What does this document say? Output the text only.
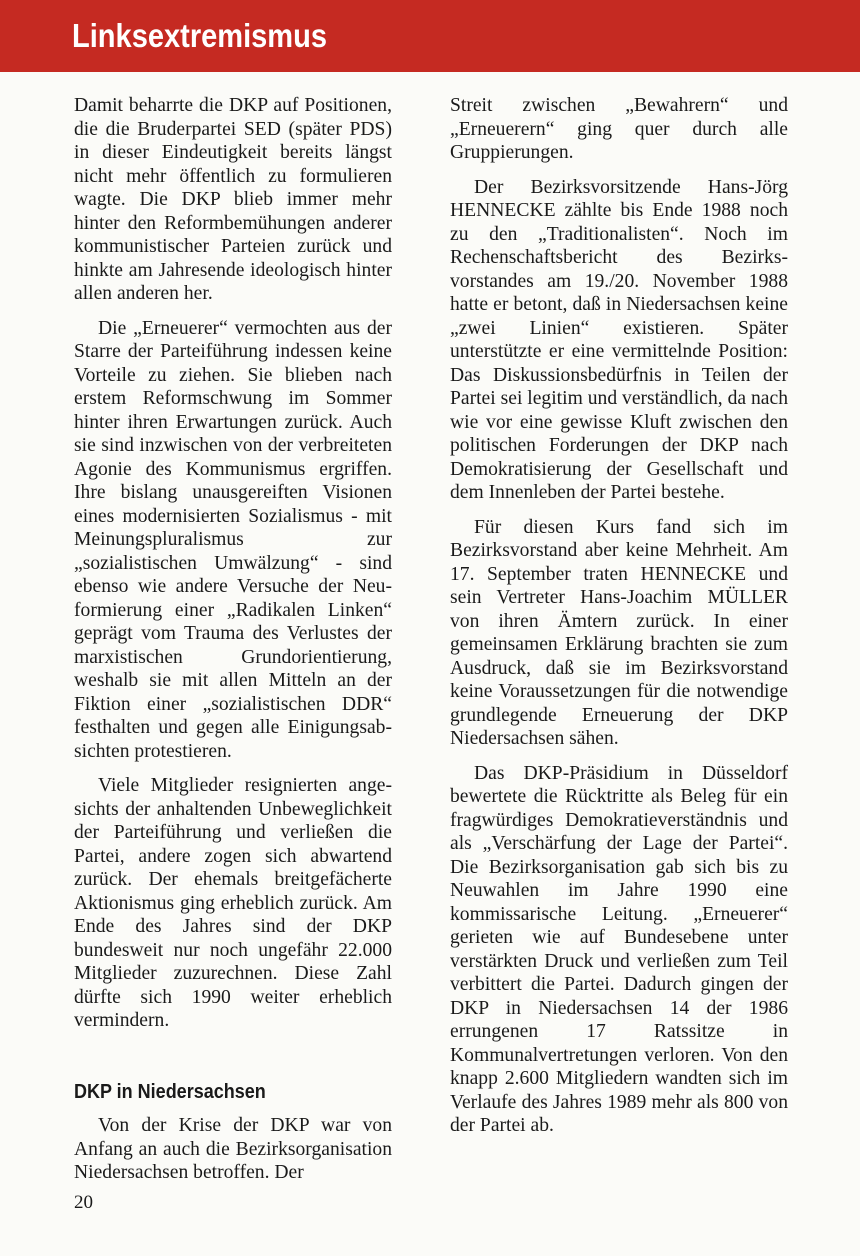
Linksextremismus

Damit beharrte die DKP auf Positionen, die die Bruderpartei SED (später PDS) in dieser Eindeutigkeit bereits längst nicht mehr öffentlich zu formulieren wagte. Die DKP blieb immer mehr hinter den Reformbemühungen anderer kommunistischer Parteien zurück und hinkte am Jahresende ideologisch hinter allen anderen her.

Die „Erneuerer“ vermochten aus der Starre der Parteiführung indessen keine Vorteile zu ziehen. Sie blieben nach erstem Reformschwung im Sommer hinter ihren Erwartungen zurück. Auch sie sind inzwischen von der verbreiteten Agonie des Kommunismus ergriffen. Ihre bislang unausgereiften Visionen eines modernisierten Sozialismus - mit Meinungspluralismus zur „sozialistischen Umwälzung“ - sind ebenso wie andere Versuche der Neuformierung einer „Radikalen Linken“ geprägt vom Trauma des Verlustes der marxistischen Grundorientierung, weshalb sie mit allen Mitteln an der Fiktion einer „sozialistischen DDR“ festhalten und gegen alle Einigungsabsichten protestieren.

Viele Mitglieder resignierten angesichts der anhaltenden Unbeweglichkeit der Parteiführung und verließen die Partei, andere zogen sich abwartend zurück. Der ehemals breitgefächerte Aktionismus ging erheblich zurück. Am Ende des Jahres sind der DKP bundesweit nur noch ungefähr 22.000 Mitglieder zuzurechnen. Diese Zahl dürfte sich 1990 weiter erheblich vermindern.

DKP in Niedersachsen

Von der Krise der DKP war von Anfang an auch die Bezirksorganisation Niedersachsen betroffen. Der

Streit zwischen „Bewahrern“ und „Erneuerern“ ging quer durch alle Gruppierungen.

Der Bezirksvorsitzende Hans-Jörg HENNECKE zählte bis Ende 1988 noch zu den „Traditionalisten“. Noch im Rechenschaftsbericht des Bezirksvorstandes am 19./20. November 1988 hatte er betont, daß in Niedersachsen keine „zwei Linien“ existieren. Später unterstützte er eine vermittelnde Position: Das Diskussionsbedürfnis in Teilen der Partei sei legitim und verständlich, da nach wie vor eine gewisse Kluft zwischen den politischen Forderungen der DKP nach Demokratisierung der Gesellschaft und dem Innenleben der Partei bestehe.

Für diesen Kurs fand sich im Bezirksvorstand aber keine Mehrheit. Am 17. September traten HENNECKE und sein Vertreter Hans-Joachim MÜLLER von ihren Ämtern zurück. In einer gemeinsamen Erklärung brachten sie zum Ausdruck, daß sie im Bezirksvorstand keine Voraussetzungen für die notwendige grundlegende Erneuerung der DKP Niedersachsen sähen.

Das DKP-Präsidium in Düsseldorf bewertete die Rücktritte als Beleg für ein fragwürdiges Demokratieverständnis und als „Verschärfung der Lage der Partei“. Die Bezirksorganisation gab sich bis zu Neuwahlen im Jahre 1990 eine kommissarische Leitung. „Erneuerer“ gerieten wie auf Bundesebene unter verstärkten Druck und verließen zum Teil verbittert die Partei. Dadurch gingen der DKP in Niedersachsen 14 der 1986 errungenen 17 Ratssitze in Kommunalvertretungen verloren. Von den knapp 2.600 Mitgliedern wandten sich im Verlaufe des Jahres 1989 mehr als 800 von der Partei ab.

20
